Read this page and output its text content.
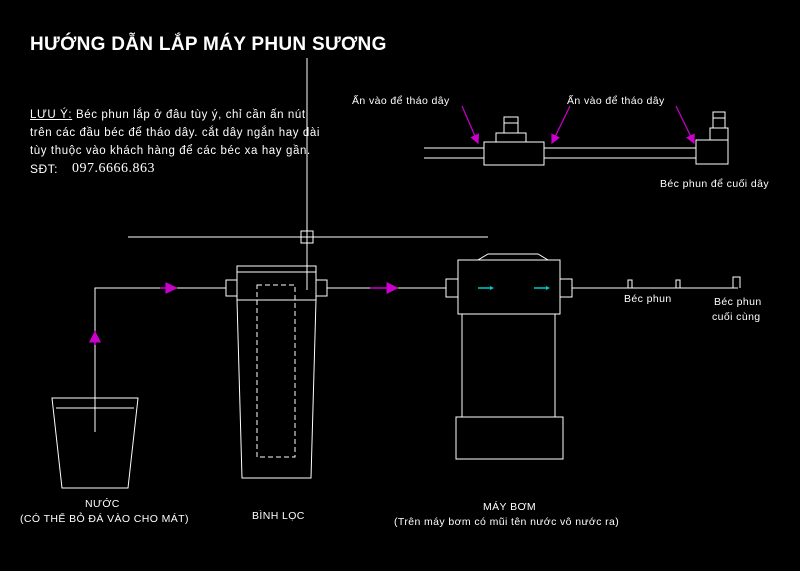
HƯỚNG DẪN LẮP MÁY PHUN SƯƠNG
LƯU Ý: Béc phun lắp ở đâu tùy ý, chỉ cần ấn nút
trên các đầu béc để tháo dây. cắt dây ngắn hay dài
tùy thuộc vào khách hàng để các béc xa hay gần.
SĐT: 097.6666.863
Ấn vào để tháo dây	Ấn vào để tháo dây
Béc phun để cuối dây
Béc phun	Béc phun
cuối cùng
NƯỚC
(CÓ THỂ BỎ ĐÁ VÀO CHO MÁT)	BÌNH LỌC
MÁY BƠM
(Trên máy bơm có mũi tên nước vô nước ra)
